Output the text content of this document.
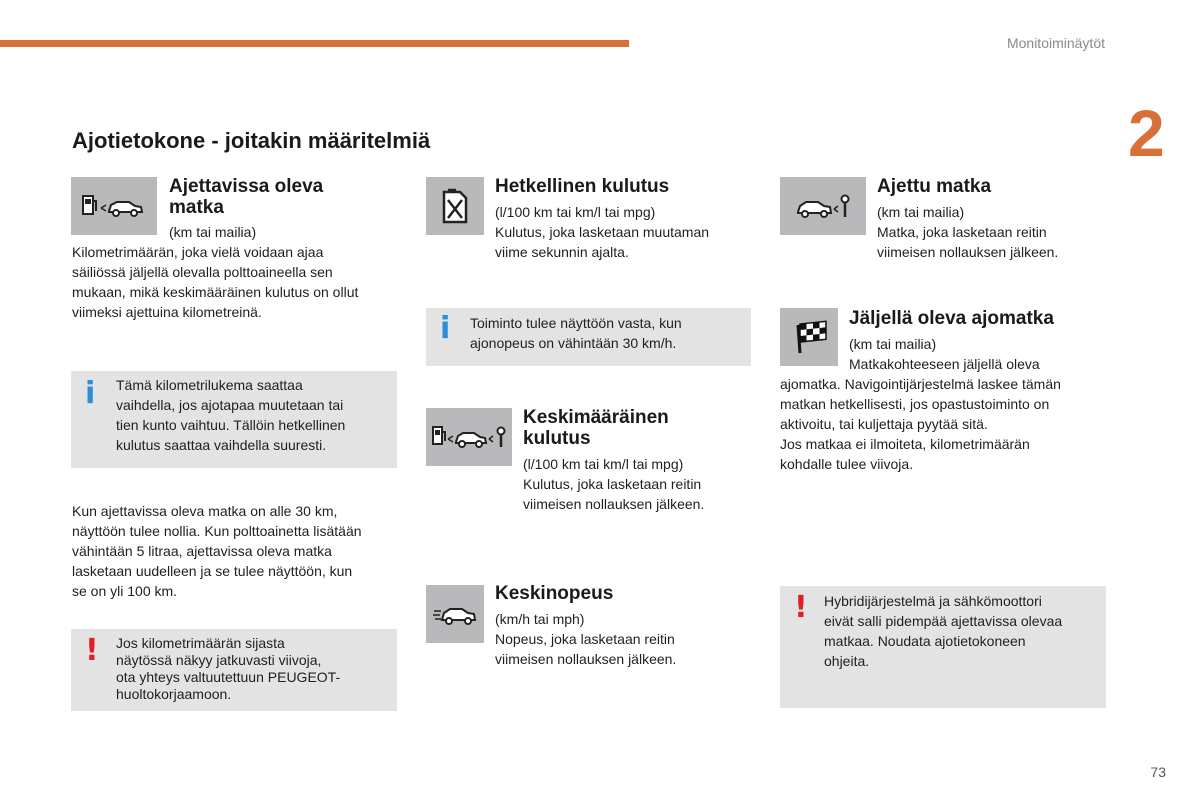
Monitoiminäytöt
2
Ajotietokone - joitakin määritelmiä
Ajettavissa oleva
matka
(km tai mailia)
Kilometrimäärän, joka vielä voidaan ajaa
säiliössä jäljellä olevalla polttoaineella sen
mukaan, mikä keskimääräinen kulutus on ollut
viimeksi ajettuina kilometreinä.
i Tämä kilometrilukema saattaa
vaihdella, jos ajotapaa muutetaan tai
tien kunto vaihtuu. Tällöin hetkellinen
kulutus saattaa vaihdella suuresti.
Kun ajettavissa oleva matka on alle 30 km,
näyttöön tulee nollia. Kun polttoainetta lisätään
vähintään 5 litraa, ajettavissa oleva matka
lasketaan uudelleen ja se tulee näyttöön, kun
se on yli 100 km.
! Jos kilometrimäärän sijasta
näytössä näkyy jatkuvasti viivoja,
ota yhteys valtuutettuun PEUGEOT-
huoltokorjaamoon.
Hetkellinen kulutus
(l/100 km tai km/l tai mpg)
Kulutus, joka lasketaan muutaman
viime sekunnin ajalta.
i Toiminto tulee näyttöön vasta, kun
ajonopeus on vähintään 30 km/h.
Keskimääräinen
kulutus
(l/100 km tai km/l tai mpg)
Kulutus, joka lasketaan reitin
viimeisen nollauksen jälkeen.
Keskinopeus
(km/h tai mph)
Nopeus, joka lasketaan reitin
viimeisen nollauksen jälkeen.
Ajettu matka
(km tai mailia)
Matka, joka lasketaan reitin
viimeisen nollauksen jälkeen.
Jäljellä oleva ajomatka
(km tai mailia)
Matkakohteeseen jäljellä oleva
ajomatka. Navigointijärjestelmä laskee tämän
matkan hetkellisesti, jos opastustoiminto on
aktivoitu, tai kuljettaja pyytää sitä.
Jos matkaa ei ilmoiteta, kilometrimäärän
kohdalle tulee viivoja.
! Hybridijärjestelmä ja sähkömoottori
eivät salli pidempää ajettavissa olevaa
matkaa. Noudata ajotietokoneen
ohjeita.
73
